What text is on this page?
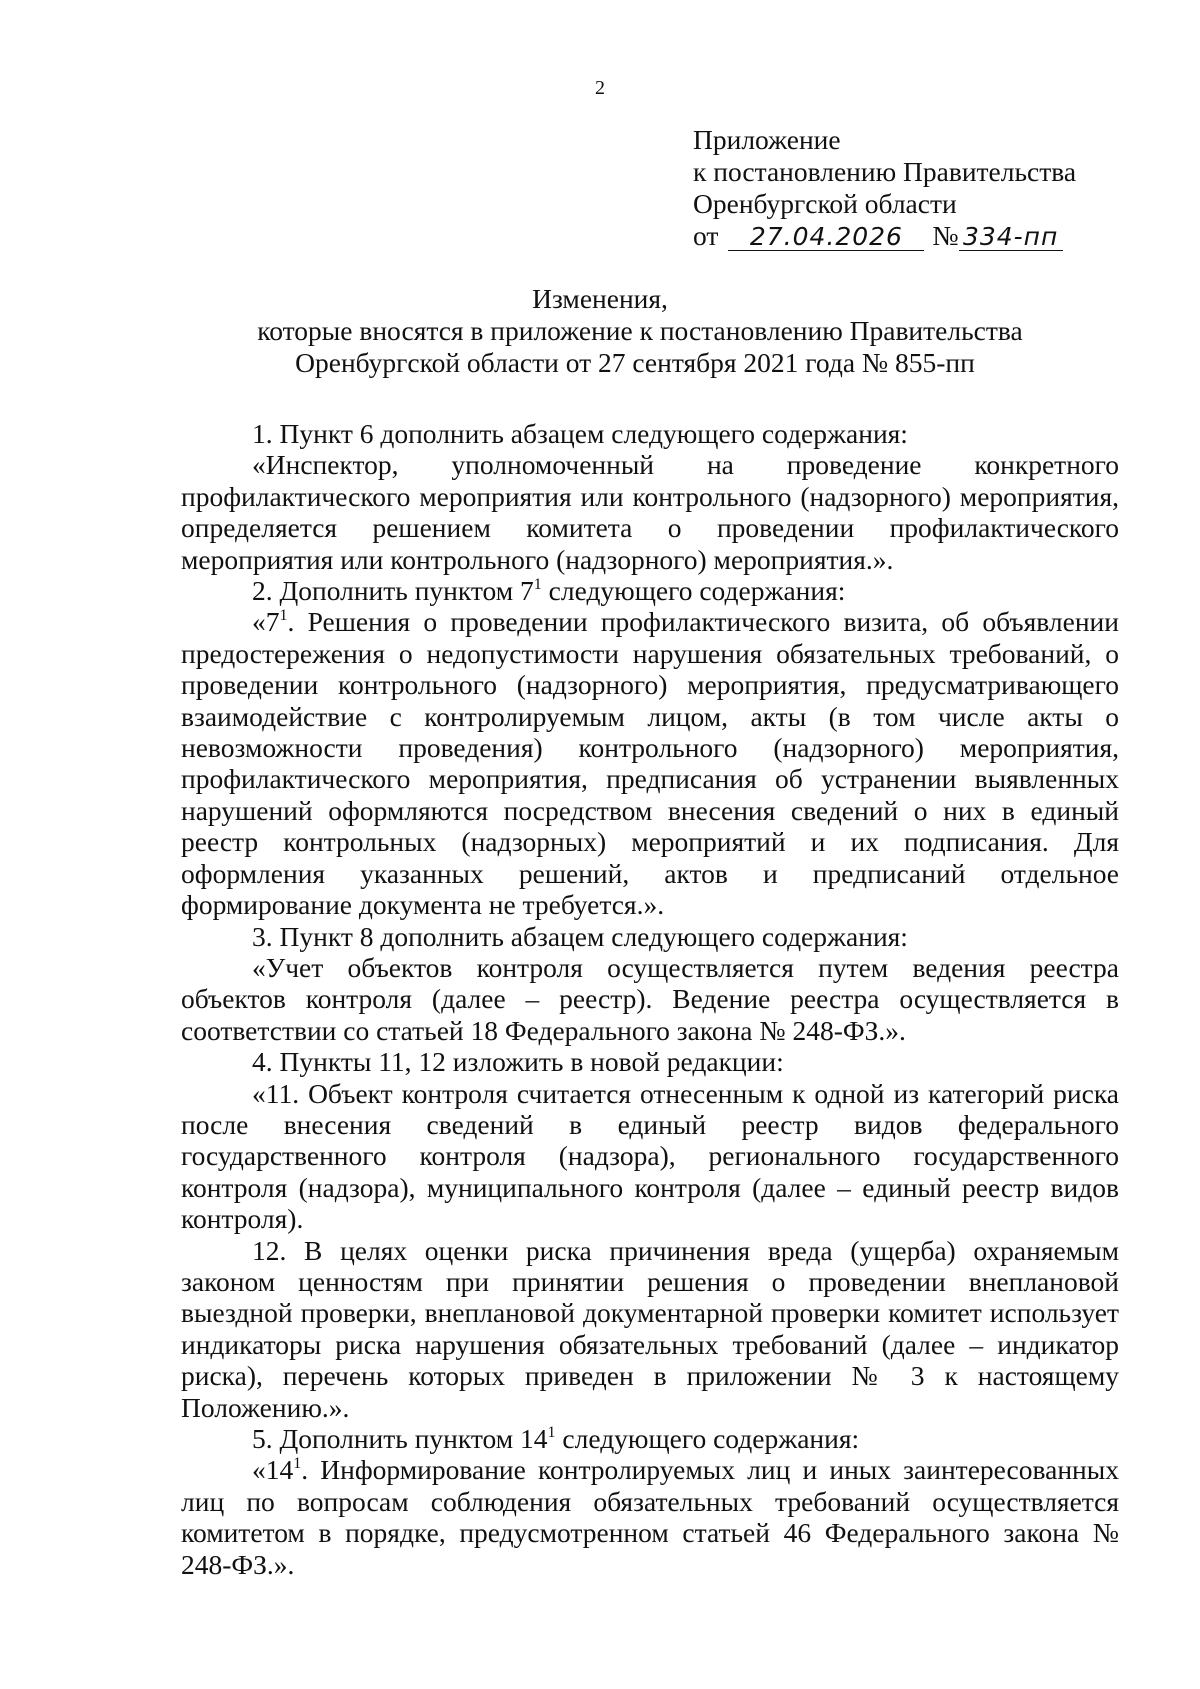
2
Приложение
к постановлению Правительства
Оренбургской области
от 27.04.2026 № 334-пп
Изменения,
которые вносятся в приложение к постановлению Правительства
Оренбургской области от 27 сентября 2021 года № 855-пп

1. Пункт 6 дополнить абзацем следующего содержания:

«Инспектор, уполномоченный на проведение конкретного профилактического мероприятия или контрольного (надзорного) мероприятия, определяется решением комитета о проведении профилактического мероприятия или контрольного (надзорного) мероприятия.».

2. Дополнить пунктом $7^1$ следующего содержания:

«$7^1$. Решения о проведении профилактического визита, об объявлении предостережения о недопустимости нарушения обязательных требований, о проведении контрольного (надзорного) мероприятия, предусматривающего взаимодействие с контролируемым лицом, акты (в том числе акты о невозможности проведения) контрольного (надзорного) мероприятия, профилактического мероприятия, предписания об устранении выявленных нарушений оформляются посредством внесения сведений о них в единый реестр контрольных (надзорных) мероприятий и их подписания. Для оформления указанных решений, актов и предписаний отдельное формирование документа не требуется.».

3. Пункт 8 дополнить абзацем следующего содержания:

«Учет объектов контроля осуществляется путем ведения реестра объектов контроля (далее – реестр). Ведение реестра осуществляется в соответствии со статьей 18 Федерального закона № 248-ФЗ.».

4. Пункты 11, 12 изложить в новой редакции:

«11. Объект контроля считается отнесенным к одной из категорий риска после внесения сведений в единый реестр видов федерального государственного контроля (надзора), регионального государственного контроля (надзора), муниципального контроля (далее – единый реестр видов контроля).

12. В целях оценки риска причинения вреда (ущерба) охраняемым законом ценностям при принятии решения о проведении внеплановой выездной проверки, внеплановой документарной проверки комитет использует индикаторы риска нарушения обязательных требований (далее – индикатор риска), перечень которых приведен в приложении № 3 к настоящему Положению.».

5. Дополнить пунктом $14^1$ следующего содержания:

«$14^1$. Информирование контролируемых лиц и иных заинтересованных лиц по вопросам соблюдения обязательных требований осуществляется комитетом в порядке, предусмотренном статьей 46 Федерального закона № 248-ФЗ.».
